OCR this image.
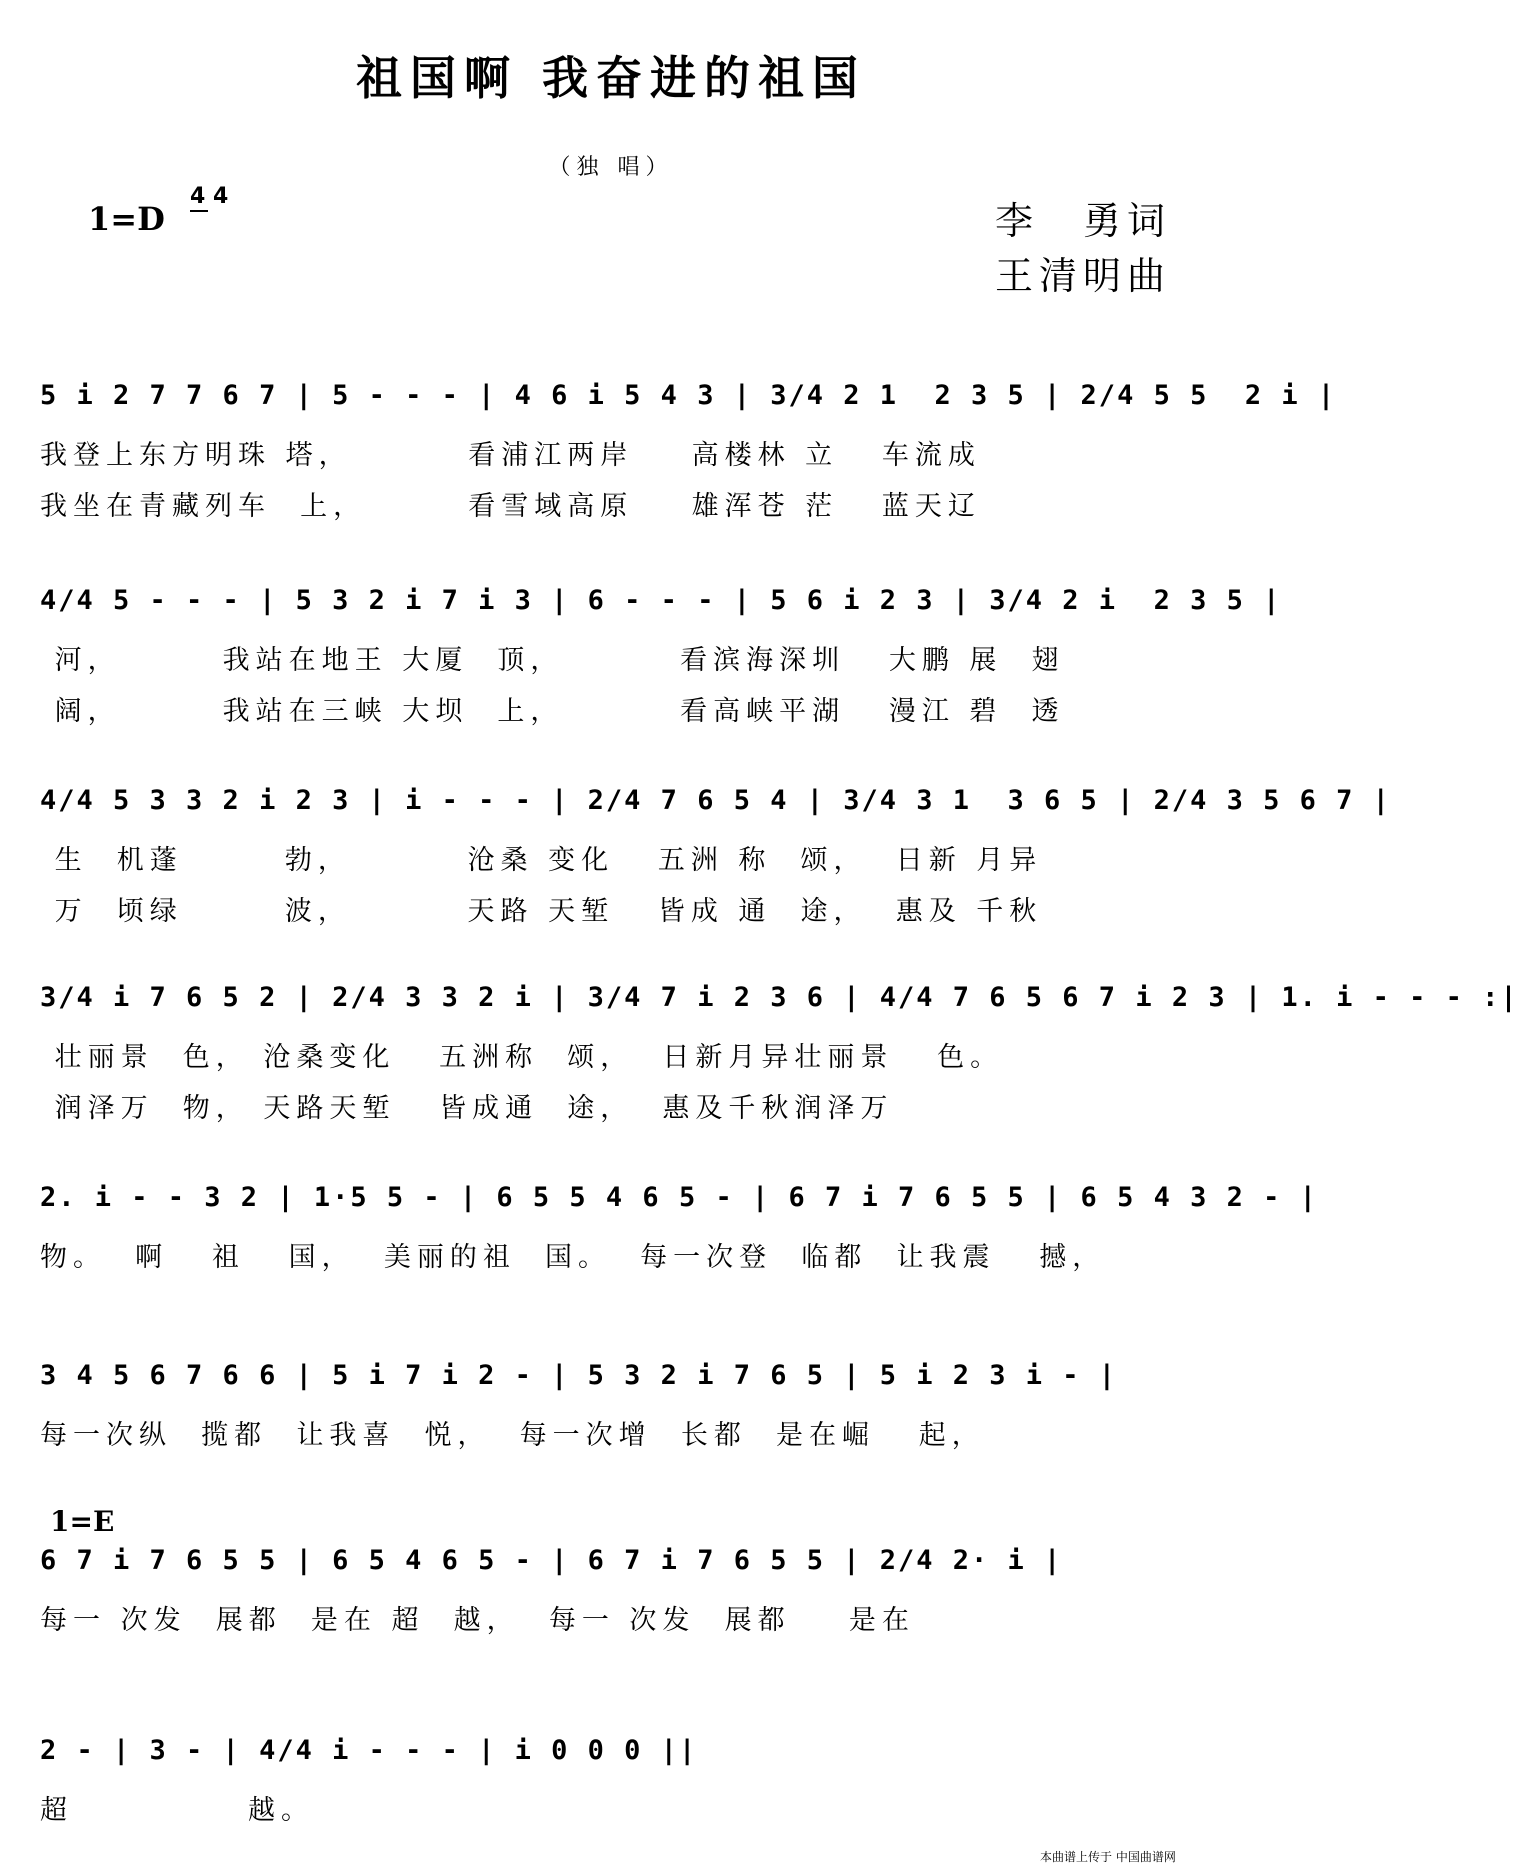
祖国啊 我奋进的祖国
（独 唱）
1=D
4 4
李　勇词
王清明曲
5 i 2 7 7 6 7 | 5 - - - | 4 6 i 5 4 3 | 3/4 2 1  2 3 5 | 2/4 5 5  2 i |
我登上东方明珠 塔，        看浦江两岸    高楼林 立   车流成
我坐在青藏列车  上，       看雪域高原    雄浑苍 茫   蓝天辽
4/4 5 - - - | 5 3 2 i 7 i 3 | 6 - - - | 5 6 i 2 3 | 3/4 2 i  2 3 5 |
河，       我站在地王 大厦  顶，        看滨海深圳   大鹏 展  翅
阔，       我站在三峡 大坝  上，        看高峡平湖   漫江 碧  透
4/4 5 3 3 2 i 2 3 | i - - - | 2/4 7 6 5 4 | 3/4 3 1  3 6 5 | 2/4 3 5 6 7 |
生  机蓬       勃，        沧桑 变化   五洲 称  颂，  日新 月异
万  顷绿       波，        天路 天堑   皆成 通  途，  惠及 千秋
3/4 i 7 6 5 2 | 2/4 3 3 2 i | 3/4 7 i 2 3 6 | 4/4 7 6 5 6 7 i 2 3 | 1. i - - - :|
壮丽景  色， 沧桑变化   五洲称  颂，  日新月异壮丽景   色。
润泽万  物， 天路天堑   皆成通  途，  惠及千秋润泽万
2. i - - 3 2 | 1·5 5 - | 6 5 5 4 6 5 - | 6 7 i 7 6 5 5 | 6 5 4 3 2 - |
物。  啊   祖   国，  美丽的祖  国。  每一次登  临都  让我震   撼，
3 4 5 6 7 6 6 | 5 i 7 i 2 - | 5 3 2 i 7 6 5 | 5 i 2 3 i - |
每一次纵  揽都  让我喜  悦，  每一次增  长都  是在崛   起，
1=E
6 7 i 7 6 5 5 | 6 5 4 6 5 - | 6 7 i 7 6 5 5 | 2/4 2· i |
每一 次发  展都  是在 超  越，  每一 次发  展都    是在
2 - | 3 - | 4/4 i - - - | i 0 0 0 ||
超            越。
本曲谱上传于 中国曲谱网
